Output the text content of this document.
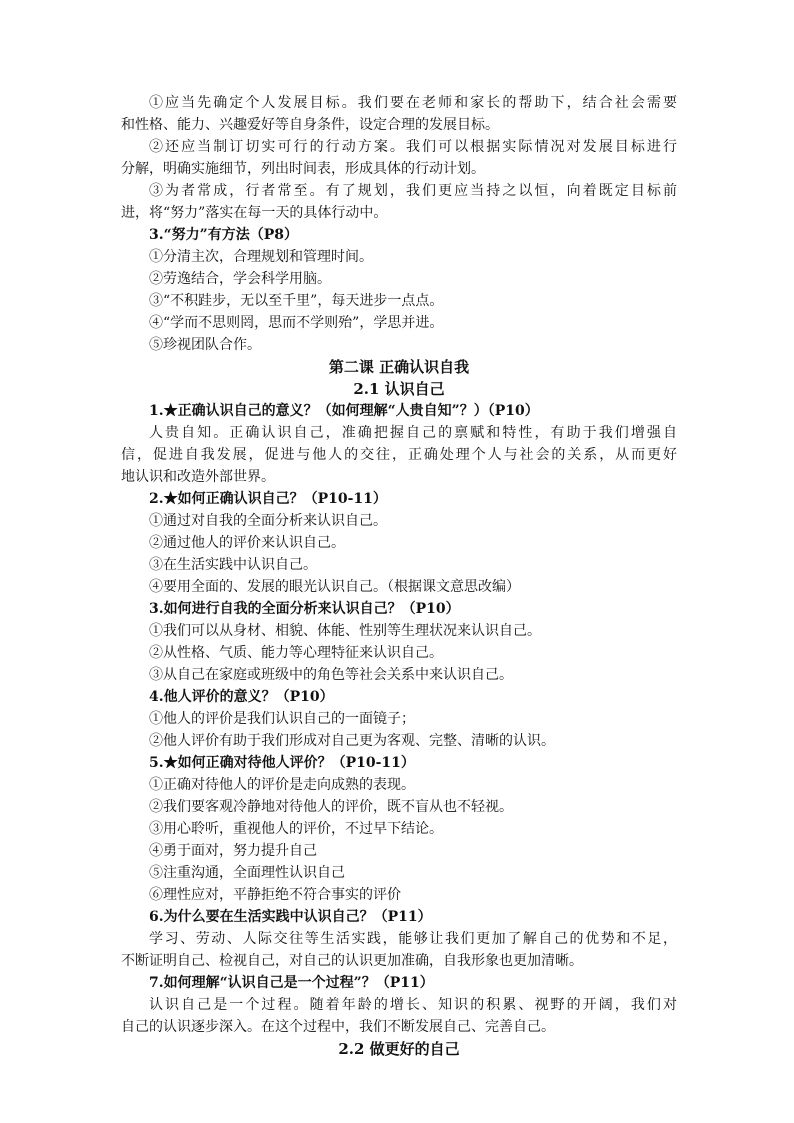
①应当先确定个人发展目标。我们要在老师和家长的帮助下，结合社会需要
和性格、能力、兴趣爱好等自身条件，设定合理的发展目标。
②还应当制订切实可行的行动方案。我们可以根据实际情况对发展目标进行
分解，明确实施细节，列出时间表，形成具体的行动计划。
③为者常成，行者常至。有了规划，我们更应当持之以恒，向着既定目标前
进，将“努力”落实在每一天的具体行动中。
3.“努力”有方法（P8）
①分清主次，合理规划和管理时间。
②劳逸结合，学会科学用脑。
③“不积跬步，无以至千里”，每天进步一点点。
④“学而不思则罔，思而不学则殆”，学思并进。
⑤珍视团队合作。
第二课 正确认识自我
2.1 认识自己
1.★正确认识自己的意义？（如何理解“人贵自知”？）（P10）
人贵自知。正确认识自己，准确把握自己的禀赋和特性，有助于我们增强自
信，促进自我发展，促进与他人的交往，正确处理个人与社会的关系，从而更好
地认识和改造外部世界。
2.★如何正确认识自己？（P10-11）
①通过对自我的全面分析来认识自己。
②通过他人的评价来认识自己。
③在生活实践中认识自己。
④要用全面的、发展的眼光认识自己。（根据课文意思改编）
3.如何进行自我的全面分析来认识自己？（P10）
①我们可以从身材、相貌、体能、性别等生理状况来认识自己。
②从性格、气质、能力等心理特征来认识自己。
③从自己在家庭或班级中的角色等社会关系中来认识自己。
4.他人评价的意义？（P10）
①他人的评价是我们认识自己的一面镜子；
②他人评价有助于我们形成对自己更为客观、完整、清晰的认识。
5.★如何正确对待他人评价？（P10-11）
①正确对待他人的评价是走向成熟的表现。
②我们要客观冷静地对待他人的评价，既不盲从也不轻视。
③用心聆听，重视他人的评价，不过早下结论。
④勇于面对，努力提升自己
⑤注重沟通，全面理性认识自己
⑥理性应对，平静拒绝不符合事实的评价
6.为什么要在生活实践中认识自己？（P11）
学习、劳动、人际交往等生活实践，能够让我们更加了解自己的优势和不足，
不断证明自己、检视自己，对自己的认识更加准确，自我形象也更加清晰。
7.如何理解“认识自己是一个过程”？（P11）
认识自己是一个过程。随着年龄的增长、知识的积累、视野的开阔，我们对
自己的认识逐步深入。在这个过程中，我们不断发展自己、完善自己。
2.2 做更好的自己
